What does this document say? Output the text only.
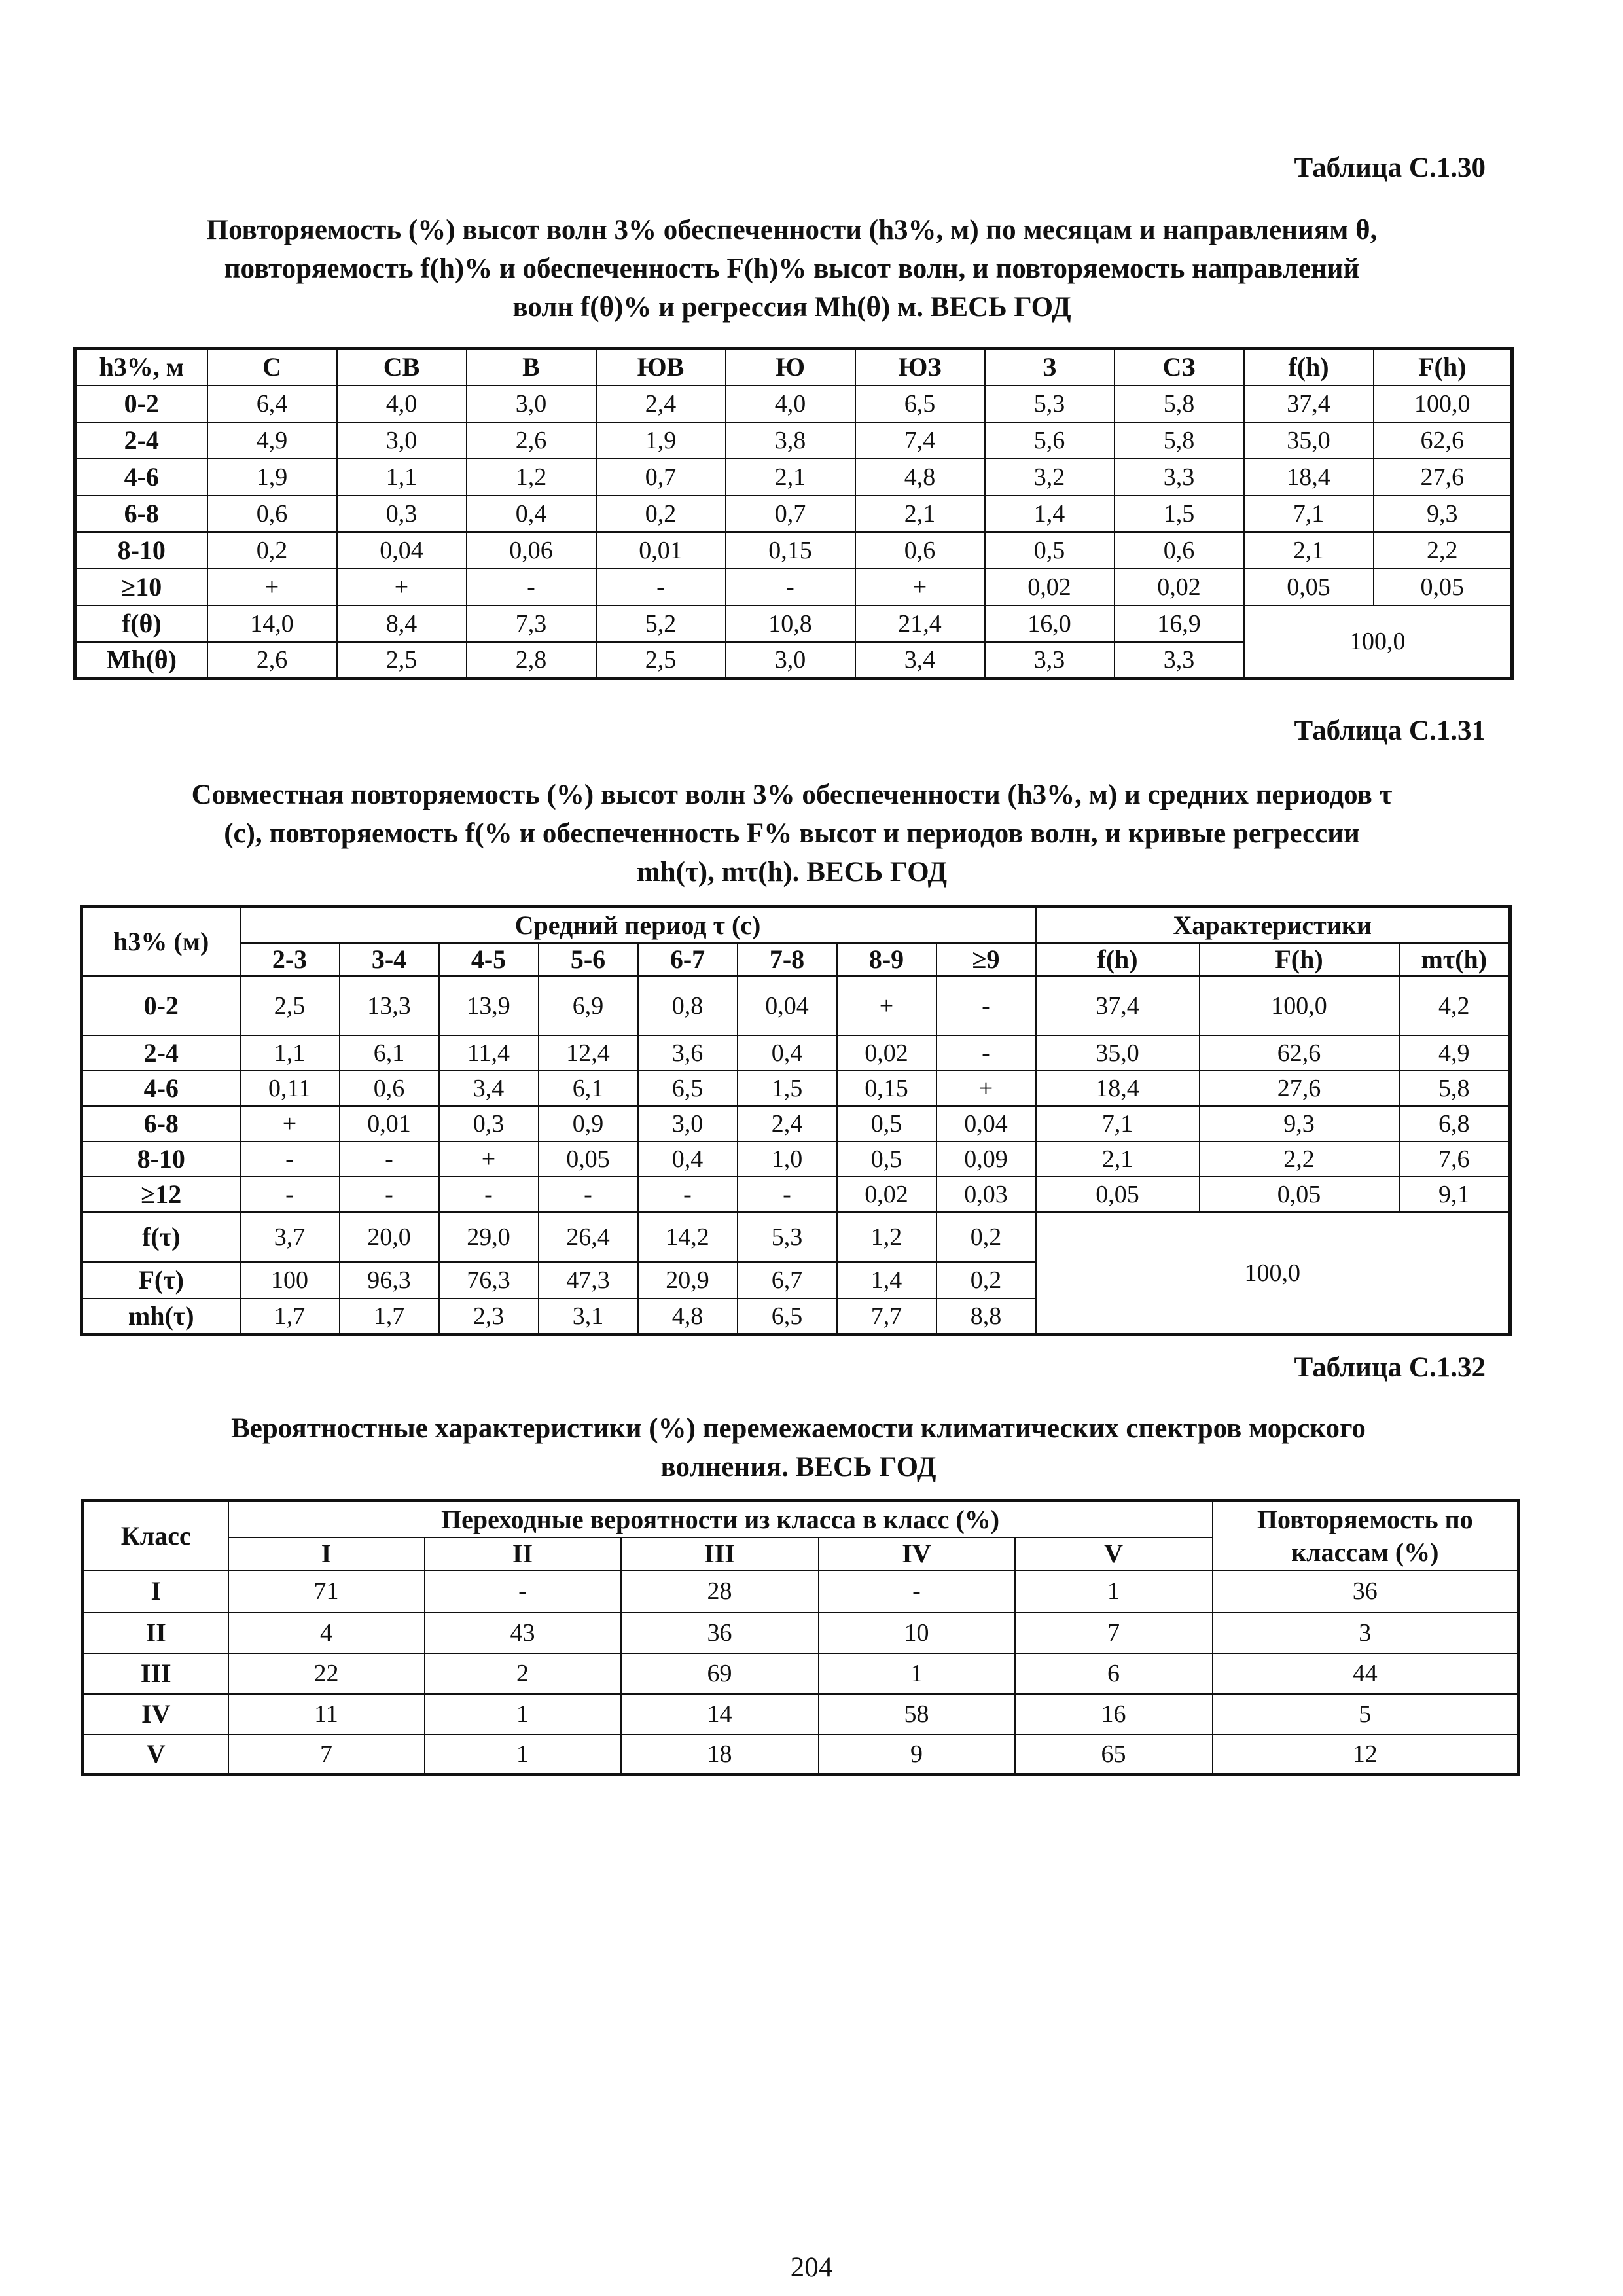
Таблица С.1.30
Повторяемость (%) высот волн 3% обеспеченности (h3%, м) по месяцам и направлениям θ,
повторяемость f(h)% и обеспеченность F(h)% высот волн, и повторяемость направлений
волн f(θ)% и регрессия Mh(θ) м. ВЕСЬ ГОД
h3%, м	С	СВ	В	ЮВ	Ю	ЮЗ	З	СЗ	f(h)	F(h)
0-2	6,4	4,0	3,0	2,4	4,0	6,5	5,3	5,8	37,4	100,0
2-4	4,9	3,0	2,6	1,9	3,8	7,4	5,6	5,8	35,0	62,6
4-6	1,9	1,1	1,2	0,7	2,1	4,8	3,2	3,3	18,4	27,6
6-8	0,6	0,3	0,4	0,2	0,7	2,1	1,4	1,5	7,1	9,3
8-10	0,2	0,04	0,06	0,01	0,15	0,6	0,5	0,6	2,1	2,2
≥10	+	+	-	-	-	+	0,02	0,02	0,05	0,05
f(θ)	14,0	8,4	7,3	5,2	10,8	21,4	16,0	16,9	100,0	
Mh(θ)	2,6	2,5	2,8	2,5	3,0	3,4	3,3	3,3		
Таблица С.1.31
Совместная повторяемость (%) высот волн 3% обеспеченности (h3%, м) и средних периодов τ
(с), повторяемость f(% и обеспеченность F% высот и периодов волн, и кривые регрессии
mh(τ), mτ(h). ВЕСЬ ГОД
h3% (м)	Средний период τ (с)								Характеристики		
	2-3	3-4	4-5	5-6	6-7	7-8	8-9	≥9	f(h)	F(h)	mτ(h)
0-2	2,5	13,3	13,9	6,9	0,8	0,04	+	-	37,4	100,0	4,2
2-4	1,1	6,1	11,4	12,4	3,6	0,4	0,02	-	35,0	62,6	4,9
4-6	0,11	0,6	3,4	6,1	6,5	1,5	0,15	+	18,4	27,6	5,8
6-8	+	0,01	0,3	0,9	3,0	2,4	0,5	0,04	7,1	9,3	6,8
8-10	-	-	+	0,05	0,4	1,0	0,5	0,09	2,1	2,2	7,6
≥12	-	-	-	-	-	-	0,02	0,03	0,05	0,05	9,1
f(τ)	3,7	20,0	29,0	26,4	14,2	5,3	1,2	0,2	100,0		
F(τ)	100	96,3	76,3	47,3	20,9	6,7	1,4	0,2			
mh(τ)	1,7	1,7	2,3	3,1	4,8	6,5	7,7	8,8			
Таблица С.1.32
Вероятностные характеристики (%) перемежаемости климатических спектров морского
волнения. ВЕСЬ ГОД
Класс	Переходные вероятности из класса в класс (%)					Повторяемость по классам (%)
	I	II	III	IV	V	
I	71	-	28	-	1	36
II	4	43	36	10	7	3
III	22	2	69	1	6	44
IV	11	1	14	58	16	5
V	7	1	18	9	65	12
204
